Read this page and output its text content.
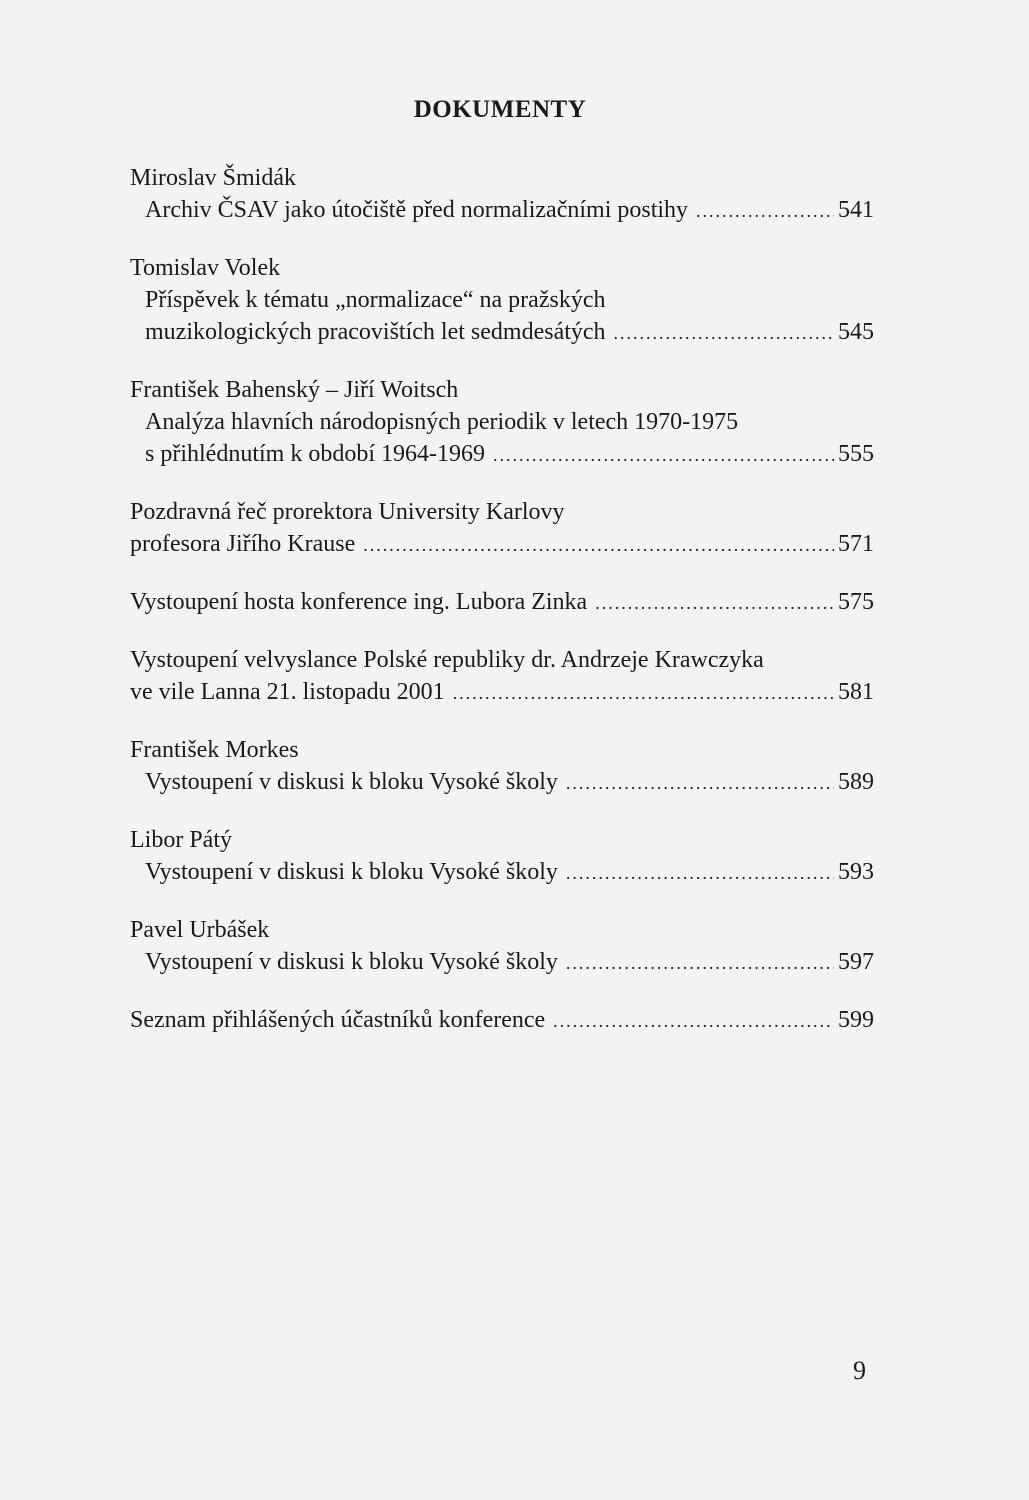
DOKUMENTY
Miroslav Šmidák
Archiv ČSAV jako útočiště před normalizačními postihy .....	541
Tomislav Volek
Příspěvek k tématu „normalizace“ na pražských
muzikologických pracovištích let sedmdesátých .....	545
František Bahenský – Jiří Woitsch
Analýza hlavních národopisných periodik v letech 1970-1975
s přihlédnutím k období 1964-1969 .....	555
Pozdravná řeč prorektora University Karlovy
profesora Jiřího Krause .....	571
Vystoupení hosta konference ing. Lubora Zinka .....	575
Vystoupení velvyslance Polské republiky dr. Andrzeje Krawczyka
ve vile Lanna 21. listopadu 2001 .....	581
František Morkes
Vystoupení v diskusi k bloku Vysoké školy .....	589
Libor Pátý
Vystoupení v diskusi k bloku Vysoké školy .....	593
Pavel Urbášek
Vystoupení v diskusi k bloku Vysoké školy .....	597
Seznam přihlášených účastníků konference .....	599
9
